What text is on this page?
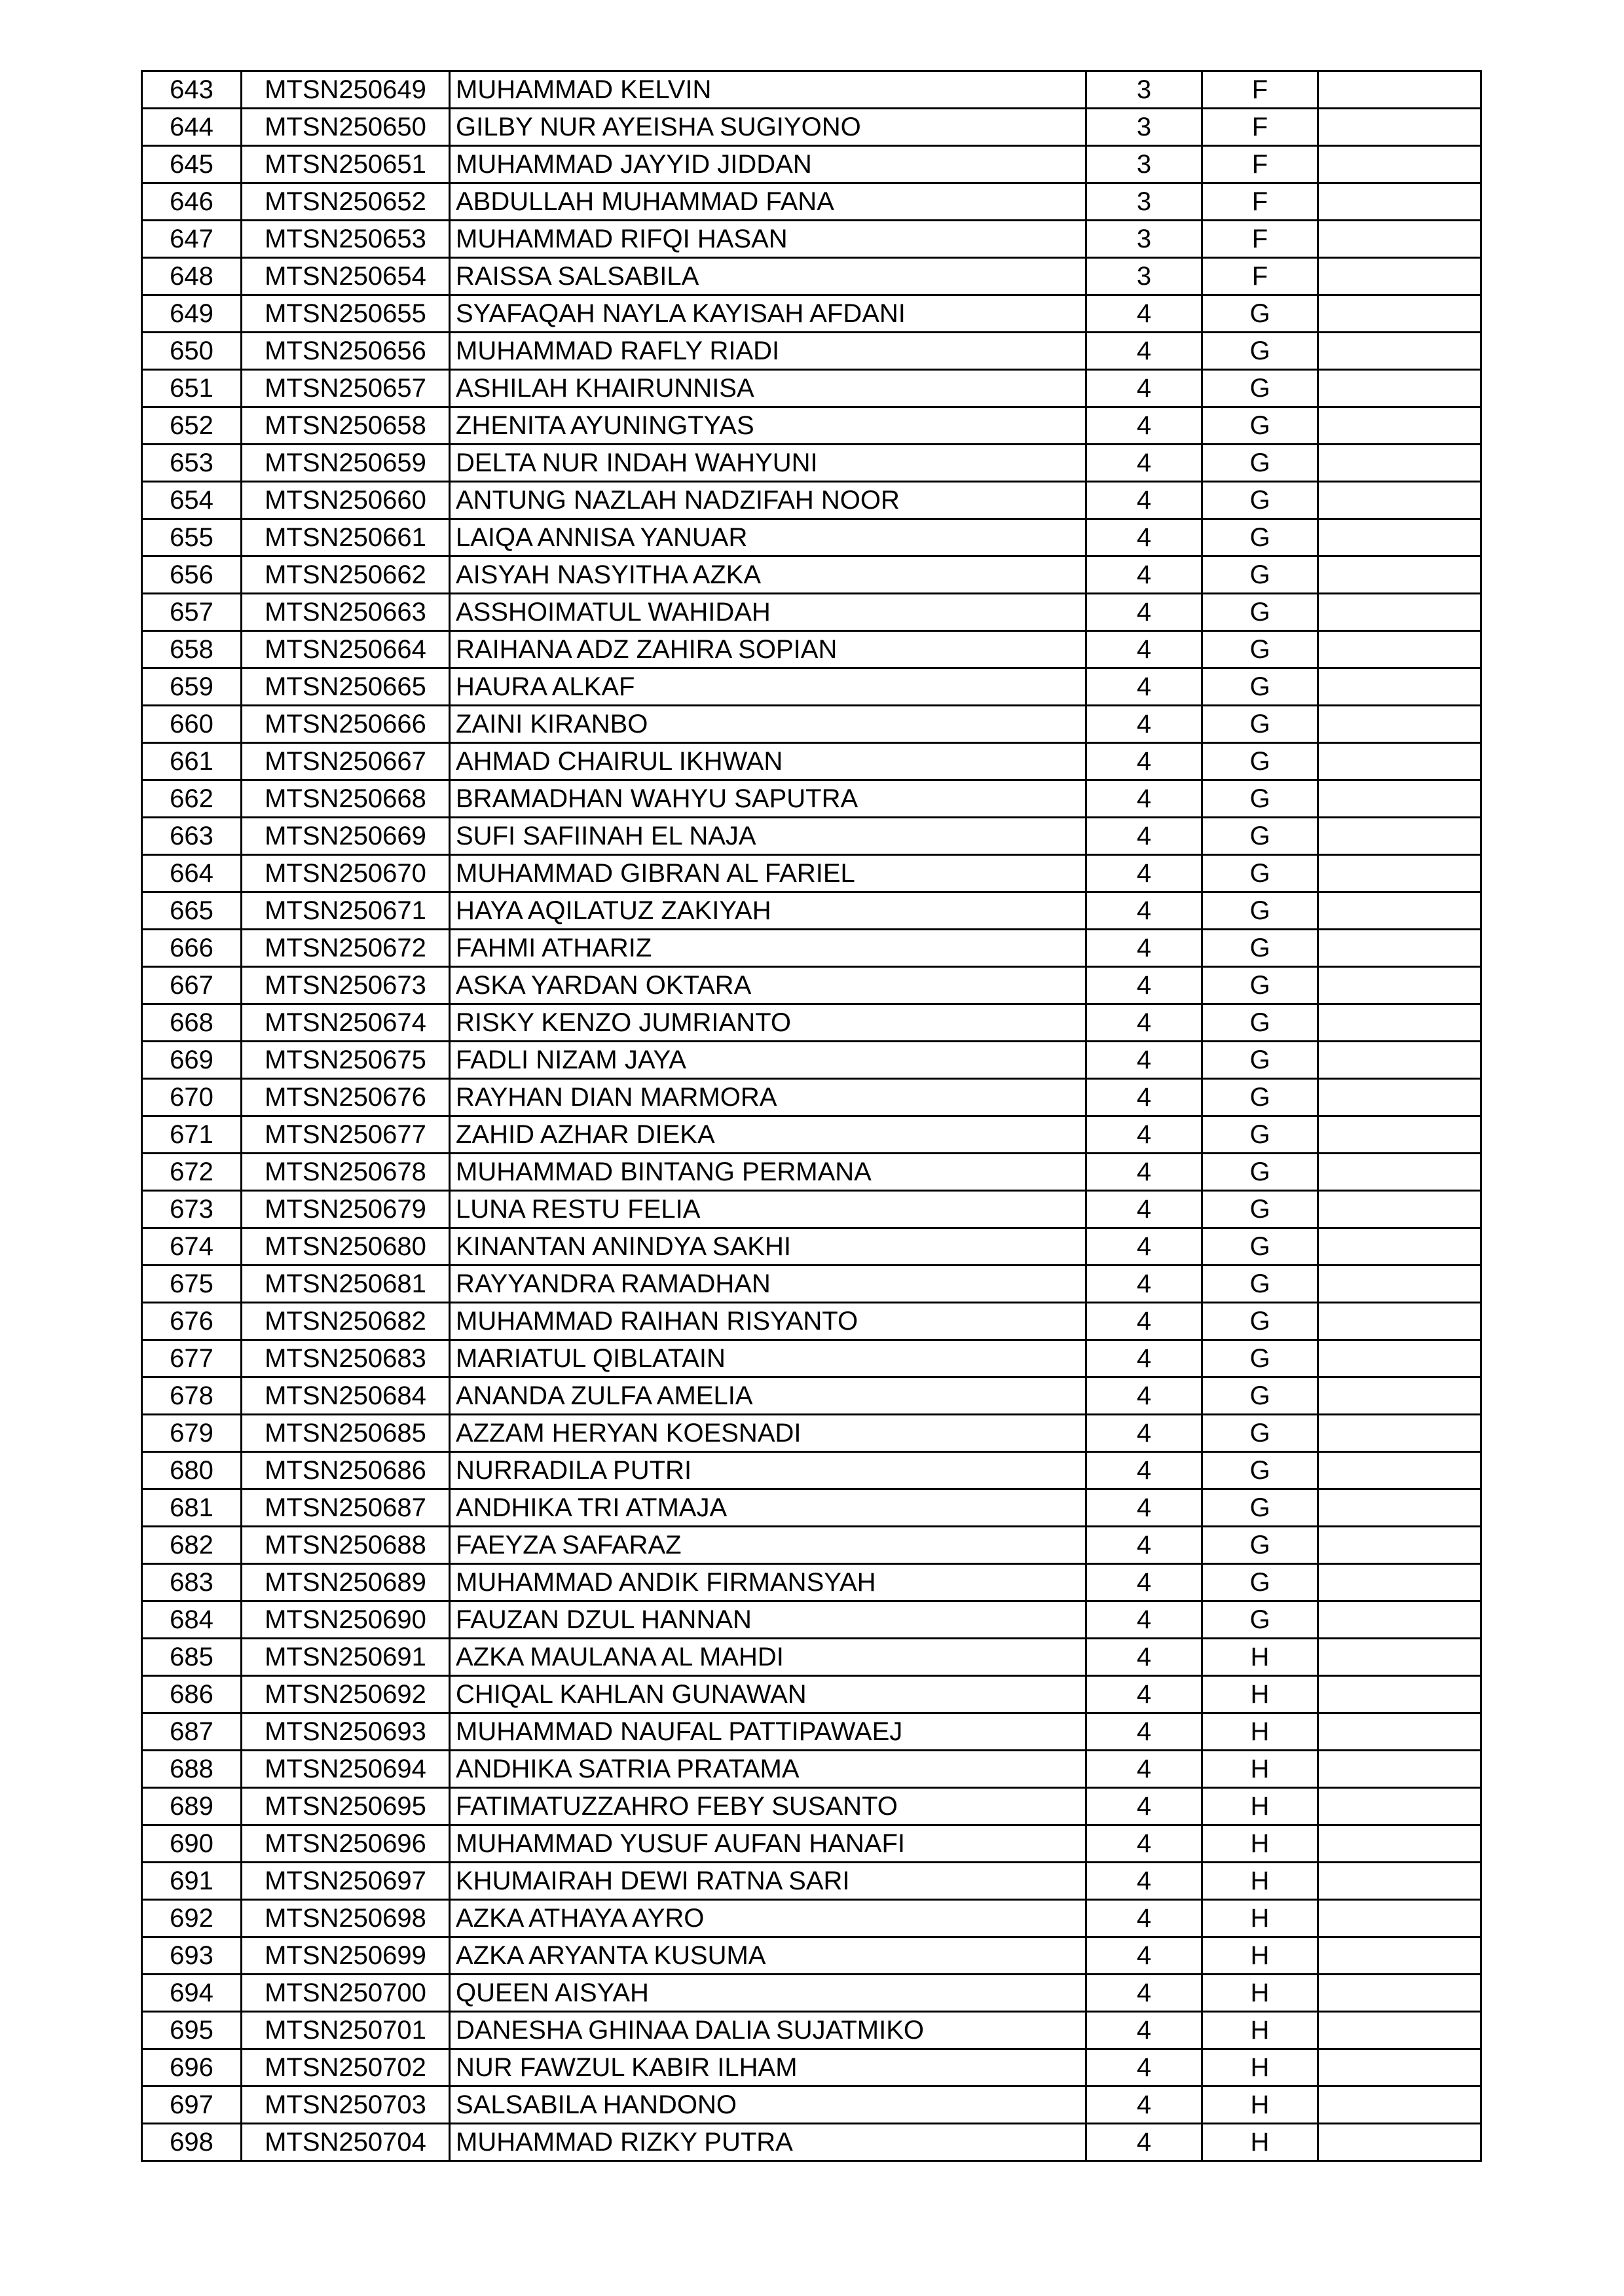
643	MTSN250649	MUHAMMAD KELVIN	3	F	
644	MTSN250650	GILBY NUR AYEISHA SUGIYONO	3	F	
645	MTSN250651	MUHAMMAD JAYYID JIDDAN	3	F	
646	MTSN250652	ABDULLAH MUHAMMAD FANA	3	F	
647	MTSN250653	MUHAMMAD RIFQI HASAN	3	F	
648	MTSN250654	RAISSA SALSABILA	3	F	
649	MTSN250655	SYAFAQAH NAYLA KAYISAH AFDANI	4	G	
650	MTSN250656	MUHAMMAD RAFLY RIADI	4	G	
651	MTSN250657	ASHILAH KHAIRUNNISA	4	G	
652	MTSN250658	ZHENITA AYUNINGTYAS	4	G	
653	MTSN250659	DELTA NUR INDAH WAHYUNI	4	G	
654	MTSN250660	ANTUNG NAZLAH NADZIFAH NOOR	4	G	
655	MTSN250661	LAIQA ANNISA YANUAR	4	G	
656	MTSN250662	AISYAH NASYITHA AZKA	4	G	
657	MTSN250663	ASSHOIMATUL WAHIDAH	4	G	
658	MTSN250664	RAIHANA ADZ ZAHIRA SOPIAN	4	G	
659	MTSN250665	HAURA ALKAF	4	G	
660	MTSN250666	ZAINI KIRANBO	4	G	
661	MTSN250667	AHMAD CHAIRUL IKHWAN	4	G	
662	MTSN250668	BRAMADHAN WAHYU SAPUTRA	4	G	
663	MTSN250669	SUFI SAFIINAH EL NAJA	4	G	
664	MTSN250670	MUHAMMAD GIBRAN AL FARIEL	4	G	
665	MTSN250671	HAYA AQILATUZ ZAKIYAH	4	G	
666	MTSN250672	FAHMI ATHARIZ	4	G	
667	MTSN250673	ASKA YARDAN OKTARA	4	G	
668	MTSN250674	RISKY KENZO JUMRIANTO	4	G	
669	MTSN250675	FADLI NIZAM JAYA	4	G	
670	MTSN250676	RAYHAN DIAN MARMORA	4	G	
671	MTSN250677	ZAHID AZHAR DIEKA	4	G	
672	MTSN250678	MUHAMMAD BINTANG PERMANA	4	G	
673	MTSN250679	LUNA RESTU FELIA	4	G	
674	MTSN250680	KINANTAN ANINDYA SAKHI	4	G	
675	MTSN250681	RAYYANDRA RAMADHAN	4	G	
676	MTSN250682	MUHAMMAD RAIHAN RISYANTO	4	G	
677	MTSN250683	MARIATUL QIBLATAIN	4	G	
678	MTSN250684	ANANDA ZULFA AMELIA	4	G	
679	MTSN250685	AZZAM HERYAN KOESNADI	4	G	
680	MTSN250686	NURRADILA PUTRI	4	G	
681	MTSN250687	ANDHIKA TRI ATMAJA	4	G	
682	MTSN250688	FAEYZA SAFARAZ	4	G	
683	MTSN250689	MUHAMMAD ANDIK FIRMANSYAH	4	G	
684	MTSN250690	FAUZAN DZUL HANNAN	4	G	
685	MTSN250691	AZKA MAULANA AL MAHDI	4	H	
686	MTSN250692	CHIQAL KAHLAN GUNAWAN	4	H	
687	MTSN250693	MUHAMMAD NAUFAL PATTIPAWAEJ	4	H	
688	MTSN250694	ANDHIKA SATRIA PRATAMA	4	H	
689	MTSN250695	FATIMATUZZAHRO FEBY SUSANTO	4	H	
690	MTSN250696	MUHAMMAD YUSUF AUFAN HANAFI	4	H	
691	MTSN250697	KHUMAIRAH DEWI RATNA SARI	4	H	
692	MTSN250698	AZKA ATHAYA AYRO	4	H	
693	MTSN250699	AZKA ARYANTA KUSUMA	4	H	
694	MTSN250700	QUEEN AISYAH	4	H	
695	MTSN250701	DANESHA GHINAA DALIA SUJATMIKO	4	H	
696	MTSN250702	NUR FAWZUL KABIR ILHAM	4	H	
697	MTSN250703	SALSABILA HANDONO	4	H	
698	MTSN250704	MUHAMMAD RIZKY PUTRA	4	H	
